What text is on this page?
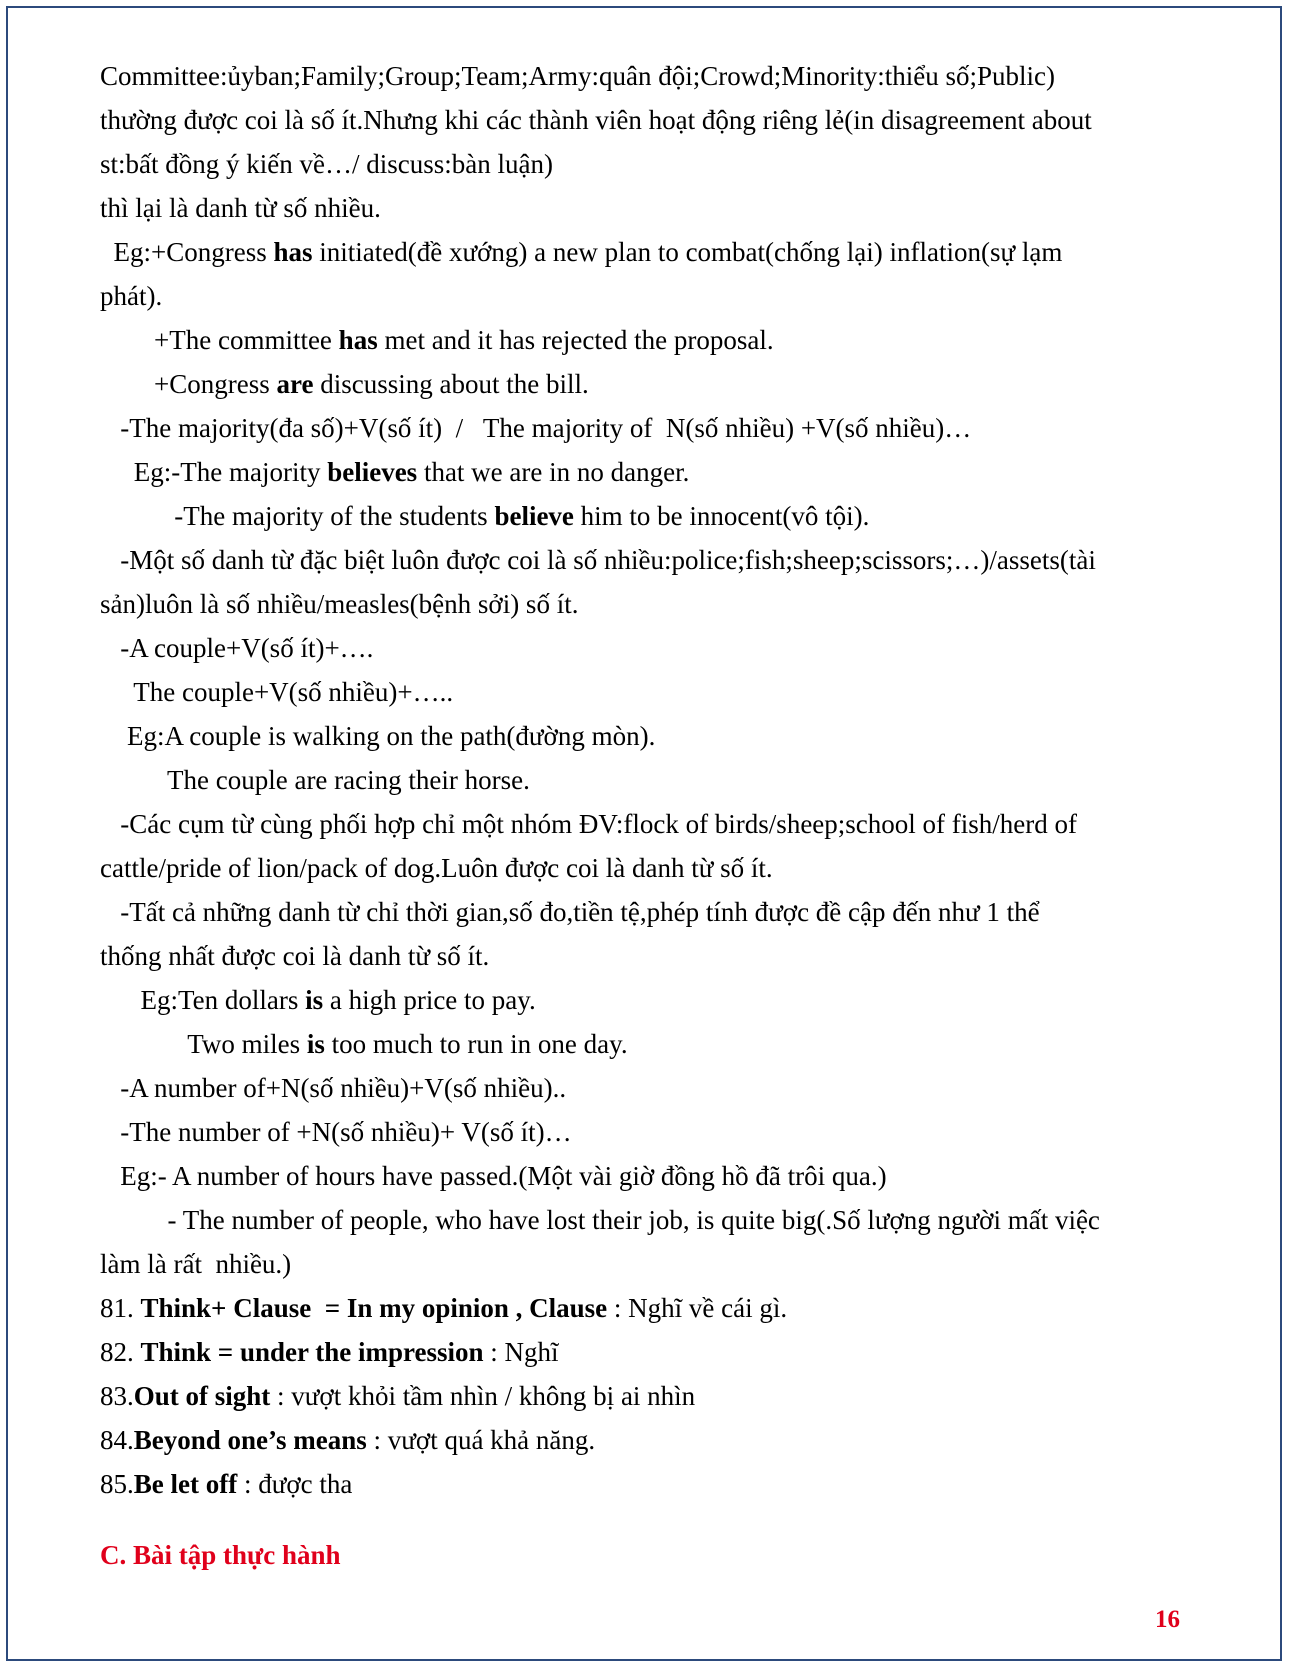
Committee:ủyban;Family;Group;Team;Army:quân đội;Crowd;Minority:thiểu số;Public)
thường được coi là số ít.Nhưng khi các thành viên hoạt động riêng lẻ(in disagreement about
st:bất đồng ý kiến về…/ discuss:bàn luận)
thì lại là danh từ số nhiều.
Eg:+Congress has initiated(đề xướng) a new plan to combat(chống lại) inflation(sự lạm
phát).
+The committee has met and it has rejected the proposal.
+Congress are discussing about the bill.
-The majority(đa số)+V(số ít)  /   The majority of  N(số nhiều) +V(số nhiều)…
Eg:-The majority believes that we are in no danger.
-The majority of the students believe him to be innocent(vô tội).
-Một số danh từ đặc biệt luôn được coi là số nhiều:police;fish;sheep;scissors;…)/assets(tài
sản)luôn là số nhiều/measles(bệnh sởi) số ít.
-A couple+V(số ít)+….
The couple+V(số nhiều)+…..
Eg:A couple is walking on the path(đường mòn).
The couple are racing their horse.
-Các cụm từ cùng phối hợp chỉ một nhóm ĐV:flock of birds/sheep;school of fish/herd of
cattle/pride of lion/pack of dog.Luôn được coi là danh từ số ít.
-Tất cả những danh từ chỉ thời gian,số đo,tiền tệ,phép tính được đề cập đến như 1 thể
thống nhất được coi là danh từ số ít.
Eg:Ten dollars is a high price to pay.
Two miles is too much to run in one day.
-A number of+N(số nhiều)+V(số nhiều)..
-The number of +N(số nhiều)+ V(số ít)…
Eg:- A number of hours have passed.(Một vài giờ đồng hồ đã trôi qua.)
- The number of people, who have lost their job, is quite big(.Số lượng người mất việc
làm là rất  nhiều.)
81. Think+ Clause  = In my opinion , Clause : Nghĩ về cái gì.
82. Think = under the impression : Nghĩ
83.Out of sight : vượt khỏi tầm nhìn / không bị ai nhìn
84.Beyond one’s means : vượt quá khả năng.
85.Be let off : được tha
C. Bài tập thực hành
16
